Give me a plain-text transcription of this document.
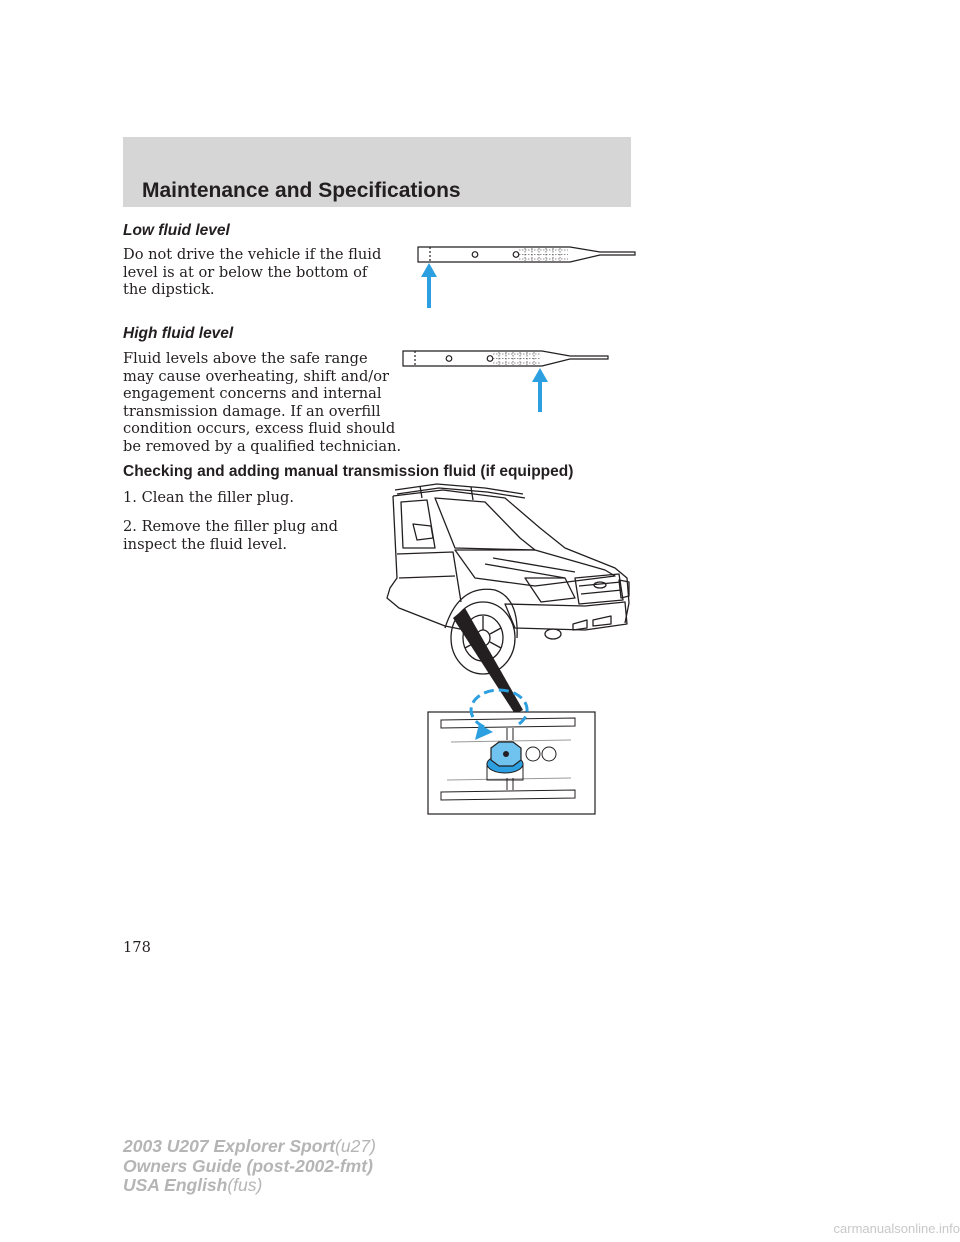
Maintenance and Specifications
Low fluid level

Do not drive the vehicle if the fluid
level is at or below the bottom of
the dipstick.

High fluid level

Fluid levels above the safe range
may cause overheating, shift and/or
engagement concerns and internal
transmission damage. If an overfill
condition occurs, excess fluid should
be removed by a qualified technician.

Checking and adding manual transmission fluid (if equipped)

1. Clean the filler plug.

2. Remove the filler plug and
inspect the fluid level.

178

2003 U207 Explorer Sport(u27)
Owners Guide (post-2002-fmt)
USA English(fus)

carmanualsonline.info
